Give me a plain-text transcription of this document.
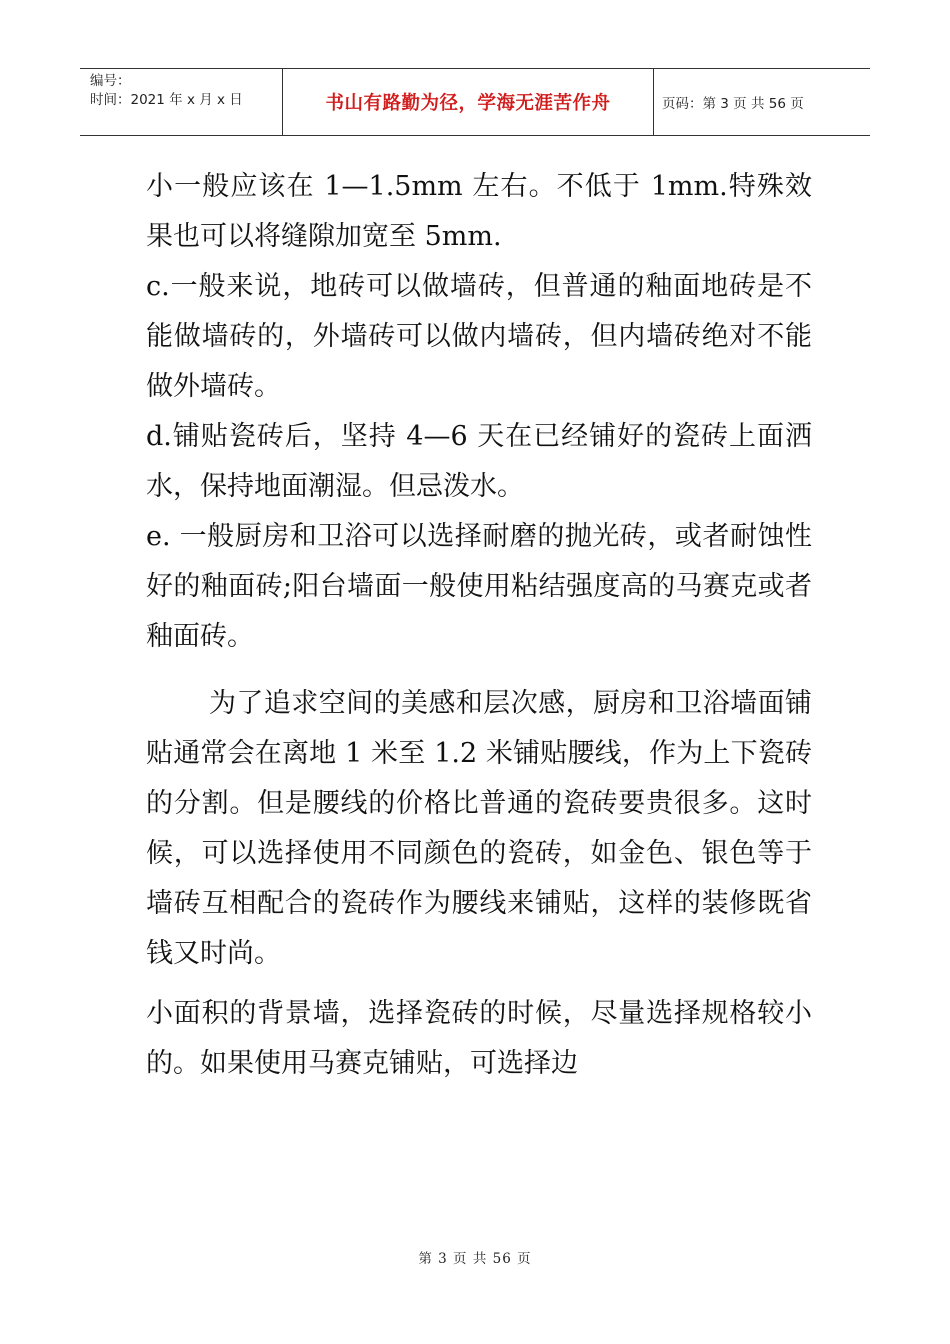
编号：
时间：2021 年 x 月 x 日	书山有路勤为径，学海无涯苦作舟	页码：第 3 页 共 56 页

小一般应该在 1—1.5mm 左右。不低于 1mm.特殊效果也可以将缝隙加宽至 5mm.

c.一般来说，地砖可以做墙砖，但普通的釉面地砖是不能做墙砖的，外墙砖可以做内墙砖，但内墙砖绝对不能做外墙砖。

d.铺贴瓷砖后，坚持 4—6 天在已经铺好的瓷砖上面洒水，保持地面潮湿。但忌泼水。

e. 一般厨房和卫浴可以选择耐磨的抛光砖，或者耐蚀性好的釉面砖;阳台墙面一般使用粘结强度高的马赛克或者釉面砖。

为了追求空间的美感和层次感，厨房和卫浴墙面铺贴通常会在离地 1 米至 1.2 米铺贴腰线，作为上下瓷砖的分割。但是腰线的价格比普通的瓷砖要贵很多。这时候，可以选择使用不同颜色的瓷砖，如金色、银色等于墙砖互相配合的瓷砖作为腰线来铺贴，这样的装修既省钱又时尚。

小面积的背景墙，选择瓷砖的时候，尽量选择规格较小的。如果使用马赛克铺贴，可选择边

第 3 页 共 56 页
